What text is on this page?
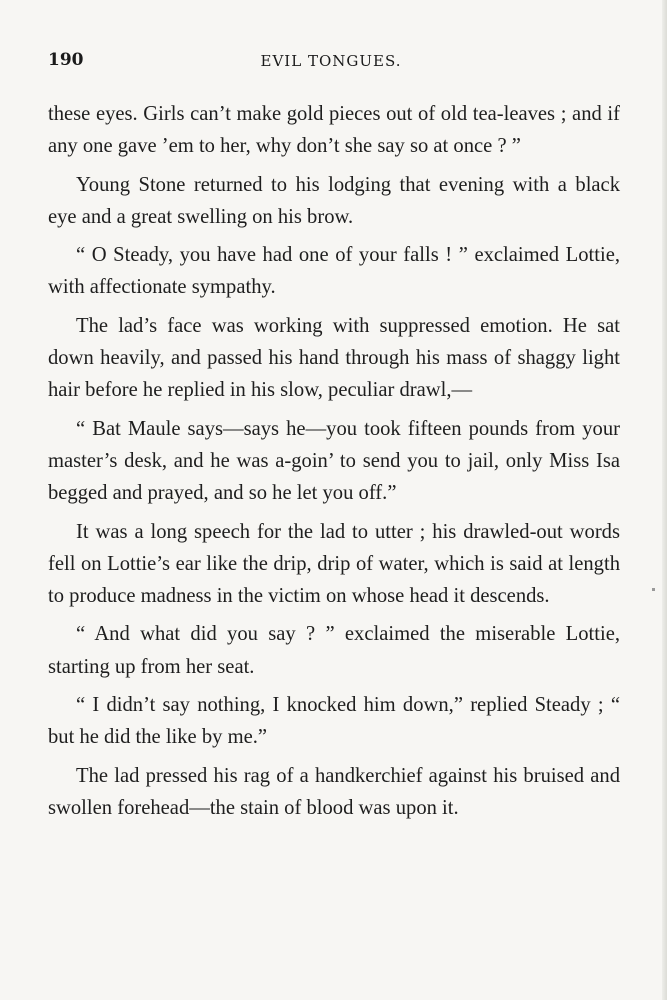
190	EVIL TONGUES.

these eyes. Girls can’t make gold pieces out of old tea-leaves ; and if any one gave ’em to her, why don’t she say so at once ? ”

Young Stone returned to his lodging that evening with a black eye and a great swelling on his brow.

“ O Steady, you have had one of your falls ! ” exclaimed Lottie, with affectionate sympathy.

The lad’s face was working with suppressed emotion. He sat down heavily, and passed his hand through his mass of shaggy light hair before he replied in his slow, peculiar drawl,—

“ Bat Maule says—says he—you took fifteen pounds from your master’s desk, and he was a-goin’ to send you to jail, only Miss Isa begged and prayed, and so he let you off.”

It was a long speech for the lad to utter ; his drawled-out words fell on Lottie’s ear like the drip, drip of water, which is said at length to produce madness in the victim on whose head it descends.

“ And what did you say ? ” exclaimed the miserable Lottie, starting up from her seat.

“ I didn’t say nothing, I knocked him down,” replied Steady ; “ but he did the like by me.”

The lad pressed his rag of a handkerchief against his bruised and swollen forehead—the stain of blood was upon it.
